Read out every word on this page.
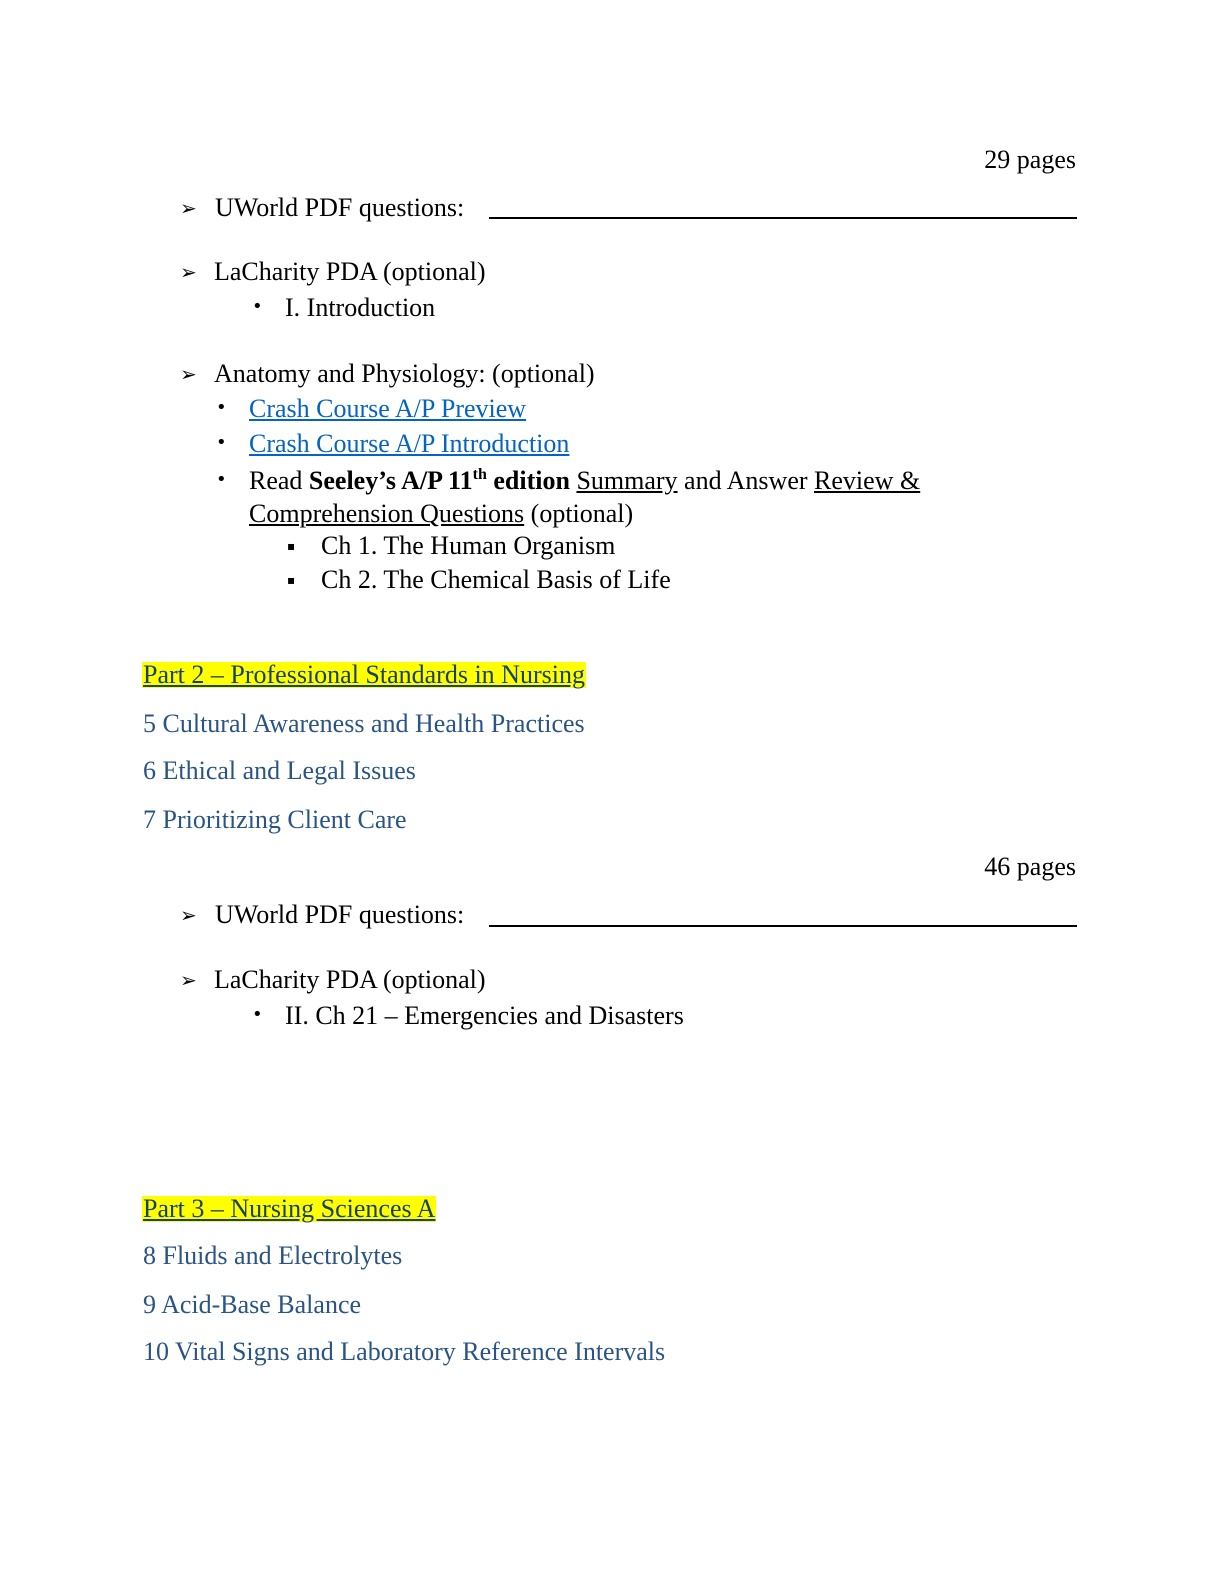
29 pages
➢ UWorld PDF questions:
➢ LaCharity PDA (optional)
• I. Introduction
➢ Anatomy and Physiology: (optional)
• Crash Course A/P Preview
• Crash Course A/P Introduction
• Read Seeley’s A/P 11th edition Summary and Answer Review &
Comprehension Questions (optional)
▪ Ch 1. The Human Organism
▪ Ch 2. The Chemical Basis of Life
Part 2 – Professional Standards in Nursing
5 Cultural Awareness and Health Practices
6 Ethical and Legal Issues
7 Prioritizing Client Care
46 pages
➢ UWorld PDF questions:
➢ LaCharity PDA (optional)
• II. Ch 21 – Emergencies and Disasters
Part 3 – Nursing Sciences A
8 Fluids and Electrolytes
9 Acid-Base Balance
10 Vital Signs and Laboratory Reference Intervals
